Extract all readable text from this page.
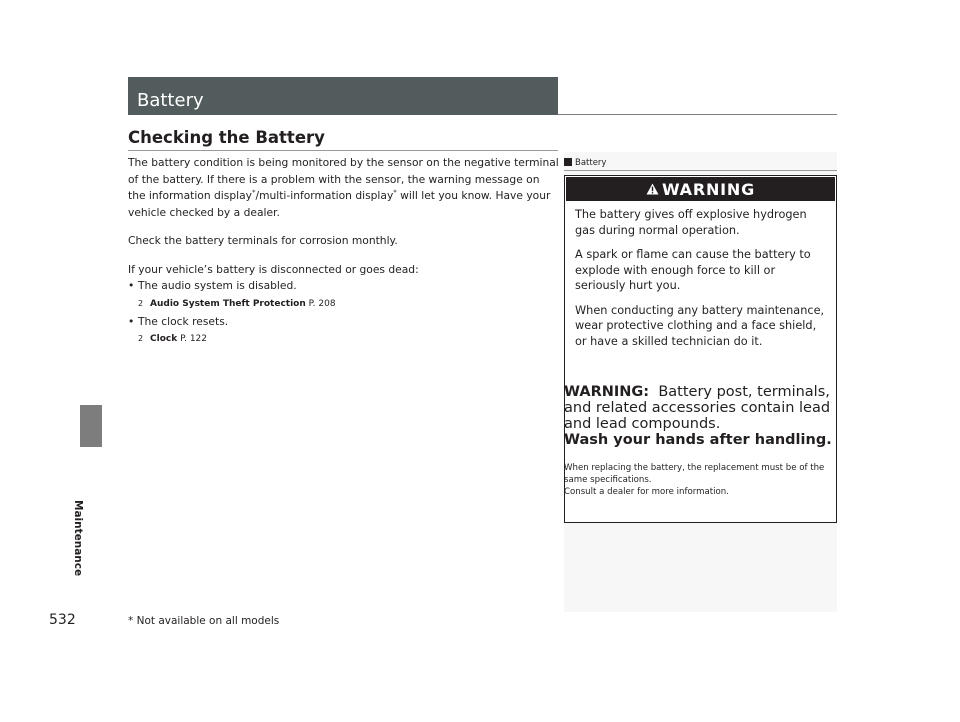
Maintenance
Battery
Checking the Battery

The battery condition is being monitored by the sensor on the negative terminal of the battery. If there is a problem with the sensor, the warning message on the information display*/multi-information display* will let you know. Have your vehicle checked by a dealer.

Check the battery terminals for corrosion monthly.

If your vehicle’s battery is disconnected or goes dead:

• The audio system is disabled.
2 Audio System Theft Protection P. 208
• The clock resets.
2 Clock P. 122
Battery
WARNING

The battery gives off explosive hydrogen gas during normal operation.

A spark or flame can cause the battery to explode with enough force to kill or seriously hurt you.

When conducting any battery maintenance, wear protective clothing and a face shield, or have a skilled technician do it.

WARNING: Battery post, terminals, and related accessories contain lead and lead compounds.
Wash your hands after handling.

When replacing the battery, the replacement must be of the same specifications.

Consult a dealer for more information.

532	* Not available on all models
